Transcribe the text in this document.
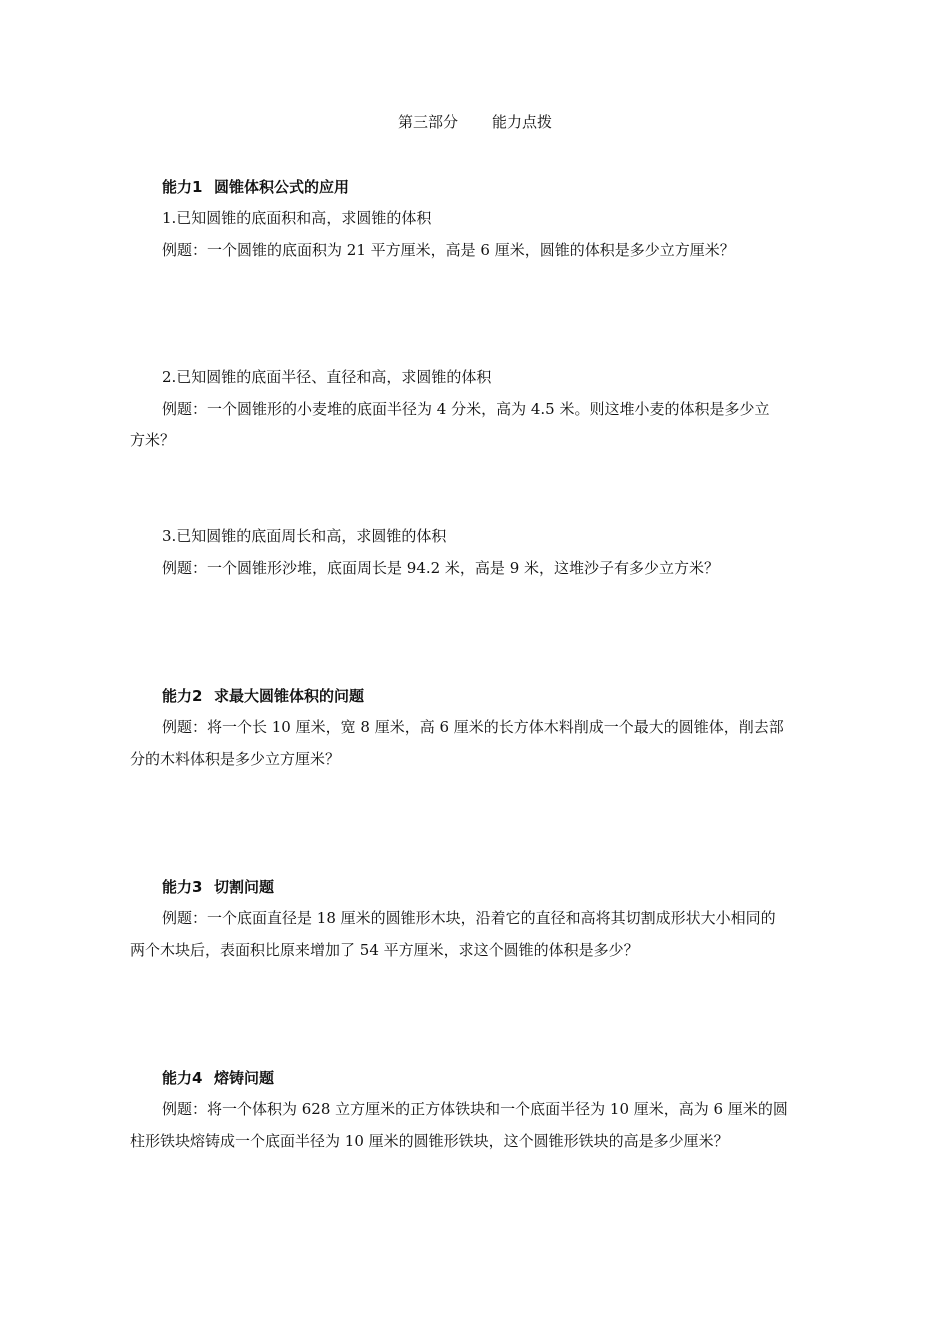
第三部分 能力点拨
能力1 圆锥体积公式的应用
1.已知圆锥的底面积和高，求圆锥的体积
例题：一个圆锥的底面积为 21 平方厘米，高是 6 厘米，圆锥的体积是多少立方厘米？
2.已知圆锥的底面半径、直径和高，求圆锥的体积
例题：一个圆锥形的小麦堆的底面半径为 4 分米，高为 4.5 米。则这堆小麦的体积是多少立
方米？
3.已知圆锥的底面周长和高，求圆锥的体积
例题：一个圆锥形沙堆，底面周长是 94.2 米，高是 9 米，这堆沙子有多少立方米？
能力2 求最大圆锥体积的问题
例题：将一个长 10 厘米，宽 8 厘米，高 6 厘米的长方体木料削成一个最大的圆锥体，削去部
分的木料体积是多少立方厘米？
能力3 切割问题
例题：一个底面直径是 18 厘米的圆锥形木块，沿着它的直径和高将其切割成形状大小相同的
两个木块后，表面积比原来增加了 54 平方厘米，求这个圆锥的体积是多少？
能力4 熔铸问题
例题：将一个体积为 628 立方厘米的正方体铁块和一个底面半径为 10 厘米，高为 6 厘米的圆
柱形铁块熔铸成一个底面半径为 10 厘米的圆锥形铁块，这个圆锥形铁块的高是多少厘米？
